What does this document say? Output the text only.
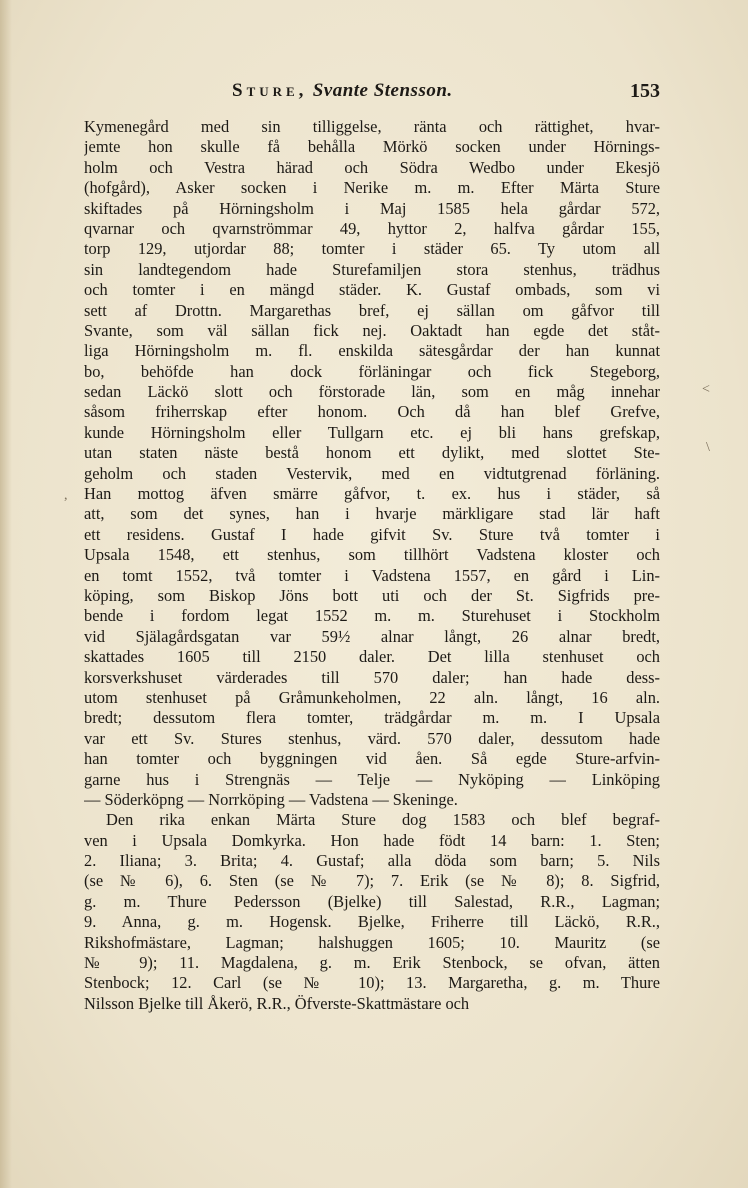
Sture, Svante Stensson.	153
Kymenegård med sin tilliggelse, ränta och rättighet, hvar-
jemte hon skulle få behålla Mörkö socken under Hörnings-
holm och Vestra härad och Södra Wedbo under Ekesjö
(hofgård), Asker socken i Nerike m. m. Efter Märta Sture
skiftades på Hörningsholm i Maj 1585 hela gårdar 572,
qvarnar och qvarnströmmar 49, hyttor 2, halfva gårdar 155,
torp 129, utjordar 88; tomter i städer 65. Ty utom all
sin landtegendom hade Sturefamiljen stora stenhus, trädhus
och tomter i en mängd städer. K. Gustaf ombads, som vi
sett af Drottn. Margarethas bref, ej sällan om gåfvor till
Svante, som väl sällan fick nej. Oaktadt han egde det ståt-
liga Hörningsholm m. fl. enskilda sätesgårdar der han kunnat
bo, behöfde han dock förläningar och fick Stegeborg,
sedan Läckö slott och förstorade län, som en måg innehar
såsom friherrskap efter honom. Och då han blef Grefve,
kunde Hörningsholm eller Tullgarn etc. ej bli hans grefskap,
utan staten näste bestå honom ett dylikt, med slottet Ste-
geholm och staden Vestervik, med en vidtutgrenad förläning.
Han mottog äfven smärre gåfvor, t. ex. hus i städer, så
att, som det synes, han i hvarje märkligare stad lär haft
ett residens. Gustaf I hade gifvit Sv. Sture två tomter i
Upsala 1548, ett stenhus, som tillhört Vadstena kloster och
en tomt 1552, två tomter i Vadstena 1557, en gård i Lin-
köping, som Biskop Jöns bott uti och der St. Sigfrids pre-
bende i fordom legat 1552 m. m. Sturehuset i Stockholm
vid Själagårdsgatan var 59½ alnar långt, 26 alnar bredt,
skattades 1605 till 2150 daler. Det lilla stenhuset och
korsverkshuset värderades till 570 daler; han hade dess-
utom stenhuset på Gråmunkeholmen, 22 aln. långt, 16 aln.
bredt; dessutom flera tomter, trädgårdar m. m. I Upsala
var ett Sv. Stures stenhus, värd. 570 daler, dessutom hade
han tomter och byggningen vid åen. Så egde Sture-arfvin-
garne hus i Strengnäs — Telje — Nyköping — Linköping
— Söderköpng — Norrköping — Vadstena — Skeninge.
Den rika enkan Märta Sture dog 1583 och blef begraf-
ven i Upsala Domkyrka. Hon hade födt 14 barn: 1. Sten;
2. Iliana; 3. Brita; 4. Gustaf; alla döda som barn; 5. Nils
(se № 6), 6. Sten (se № 7); 7. Erik (se № 8); 8. Sigfrid,
g. m. Thure Pedersson (Bjelke) till Salestad, R.R., Lagman;
9. Anna, g. m. Hogensk. Bjelke, Friherre till Läckö, R.R.,
Rikshofmästare, Lagman; halshuggen 1605; 10. Mauritz (se
№ 9); 11. Magdalena, g. m. Erik Stenbock, se ofvan, ätten
Stenbock; 12. Carl (se № 10); 13. Margaretha, g. m. Thure
Nilsson Bjelke till Åkerö, R.R., Öfverste-Skattmästare och
<
\
,
